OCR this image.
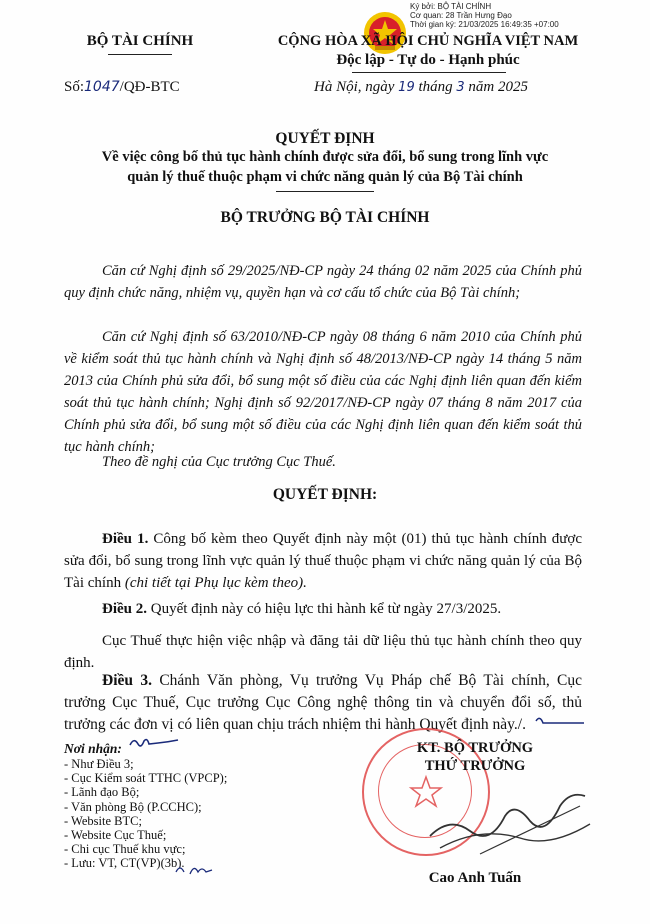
Ký bởi: BỘ TÀI CHÍNH
Cơ quan: 28 Trần Hưng Đạo
Thời gian ký: 21/03/2025 16:49:35 +07:00
BỘ TÀI CHÍNH	CỘNG HÒA XÃ HỘI CHỦ NGHĨA VIỆT NAM
Độc lập - Tự do - Hạnh phúc
Số:1047/QĐ-BTC	Hà Nội, ngày 19 tháng 3 năm 2025
QUYẾT ĐỊNH
Về việc công bố thủ tục hành chính được sửa đổi, bổ sung trong lĩnh vực
quản lý thuế thuộc phạm vi chức năng quản lý của Bộ Tài chính
BỘ TRƯỞNG BỘ TÀI CHÍNH
Căn cứ Nghị định số 29/2025/NĐ-CP ngày 24 tháng 02 năm 2025 của Chính phủ quy định chức năng, nhiệm vụ, quyền hạn và cơ cấu tổ chức của Bộ Tài chính;
Căn cứ Nghị định số 63/2010/NĐ-CP ngày 08 tháng 6 năm 2010 của Chính phủ về kiểm soát thủ tục hành chính và Nghị định số 48/2013/NĐ-CP ngày 14 tháng 5 năm 2013 của Chính phủ sửa đổi, bổ sung một số điều của các Nghị định liên quan đến kiểm soát thủ tục hành chính; Nghị định số 92/2017/NĐ-CP ngày 07 tháng 8 năm 2017 của Chính phủ sửa đổi, bổ sung một số điều của các Nghị định liên quan đến kiểm soát thủ tục hành chính;
Theo đề nghị của Cục trưởng Cục Thuế.
QUYẾT ĐỊNH:
Điều 1. Công bố kèm theo Quyết định này một (01) thủ tục hành chính được sửa đổi, bổ sung trong lĩnh vực quản lý thuế thuộc phạm vi chức năng quản lý của Bộ Tài chính (chi tiết tại Phụ lục kèm theo).
Điều 2. Quyết định này có hiệu lực thi hành kể từ ngày 27/3/2025.
Cục Thuế thực hiện việc nhập và đăng tải dữ liệu thủ tục hành chính theo quy định.
Điều 3. Chánh Văn phòng, Vụ trưởng Vụ Pháp chế Bộ Tài chính, Cục trưởng Cục Thuế, Cục trưởng Cục Công nghệ thông tin và chuyển đổi số, thủ trưởng các đơn vị có liên quan chịu trách nhiệm thi hành Quyết định này./.
Nơi nhận:
- Như Điều 3;
- Cục Kiểm soát TTHC (VPCP);
- Lãnh đạo Bộ;
- Văn phòng Bộ (P.CCHC);
- Website BTC;
- Website Cục Thuế;
- Chi cục Thuế khu vực;
- Lưu: VT, CT(VP)(3b).
KT. BỘ TRƯỞNG
THỨ TRƯỞNG
Cao Anh Tuấn
